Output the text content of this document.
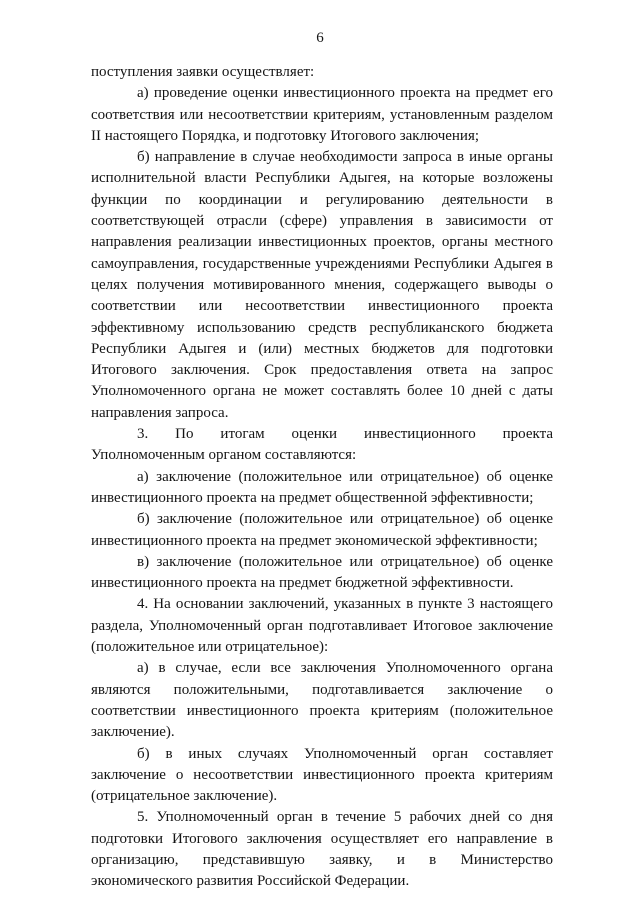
6

поступления заявки осуществляет:

а) проведение оценки инвестиционного проекта на предмет его соответствия или несоответствии критериям, установленным разделом II настоящего Порядка, и подготовку Итогового заключения;

б) направление в случае необходимости запроса в иные органы исполнительной власти Республики Адыгея, на которые возложены функции по координации и регулированию деятельности в соответствующей отрасли (сфере) управления в зависимости от направления реализации инвестиционных проектов, органы местного самоуправления, государственные учреждениями Республики Адыгея в целях получения мотивированного мнения, содержащего выводы о соответствии или несоответствии инвестиционного проекта эффективному использованию средств республиканского бюджета Республики Адыгея и (или) местных бюджетов для подготовки Итогового заключения. Срок предоставления ответа на запрос Уполномоченного органа не может составлять более 10 дней с даты направления запроса.

3. По итогам оценки инвестиционного проекта Уполномоченным органом составляются:

а) заключение (положительное или отрицательное) об оценке инвестиционного проекта на предмет общественной эффективности;

б) заключение (положительное или отрицательное) об оценке инвестиционного проекта на предмет экономической эффективности;

в) заключение (положительное или отрицательное) об оценке инвестиционного проекта на предмет бюджетной эффективности.

4. На основании заключений, указанных в пункте 3 настоящего раздела, Уполномоченный орган подготавливает Итоговое заключение (положительное или отрицательное):

а) в случае, если все заключения Уполномоченного органа являются положительными, подготавливается заключение о соответствии инвестиционного проекта критериям (положительное заключение).

б) в иных случаях Уполномоченный орган составляет заключение о несоответствии инвестиционного проекта критериям (отрицательное заключение).

5. Уполномоченный орган в течение 5 рабочих дней со дня подготовки Итогового заключения осуществляет его направление в организацию, представившую заявку, и в Министерство экономического развития Российской Федерации.
